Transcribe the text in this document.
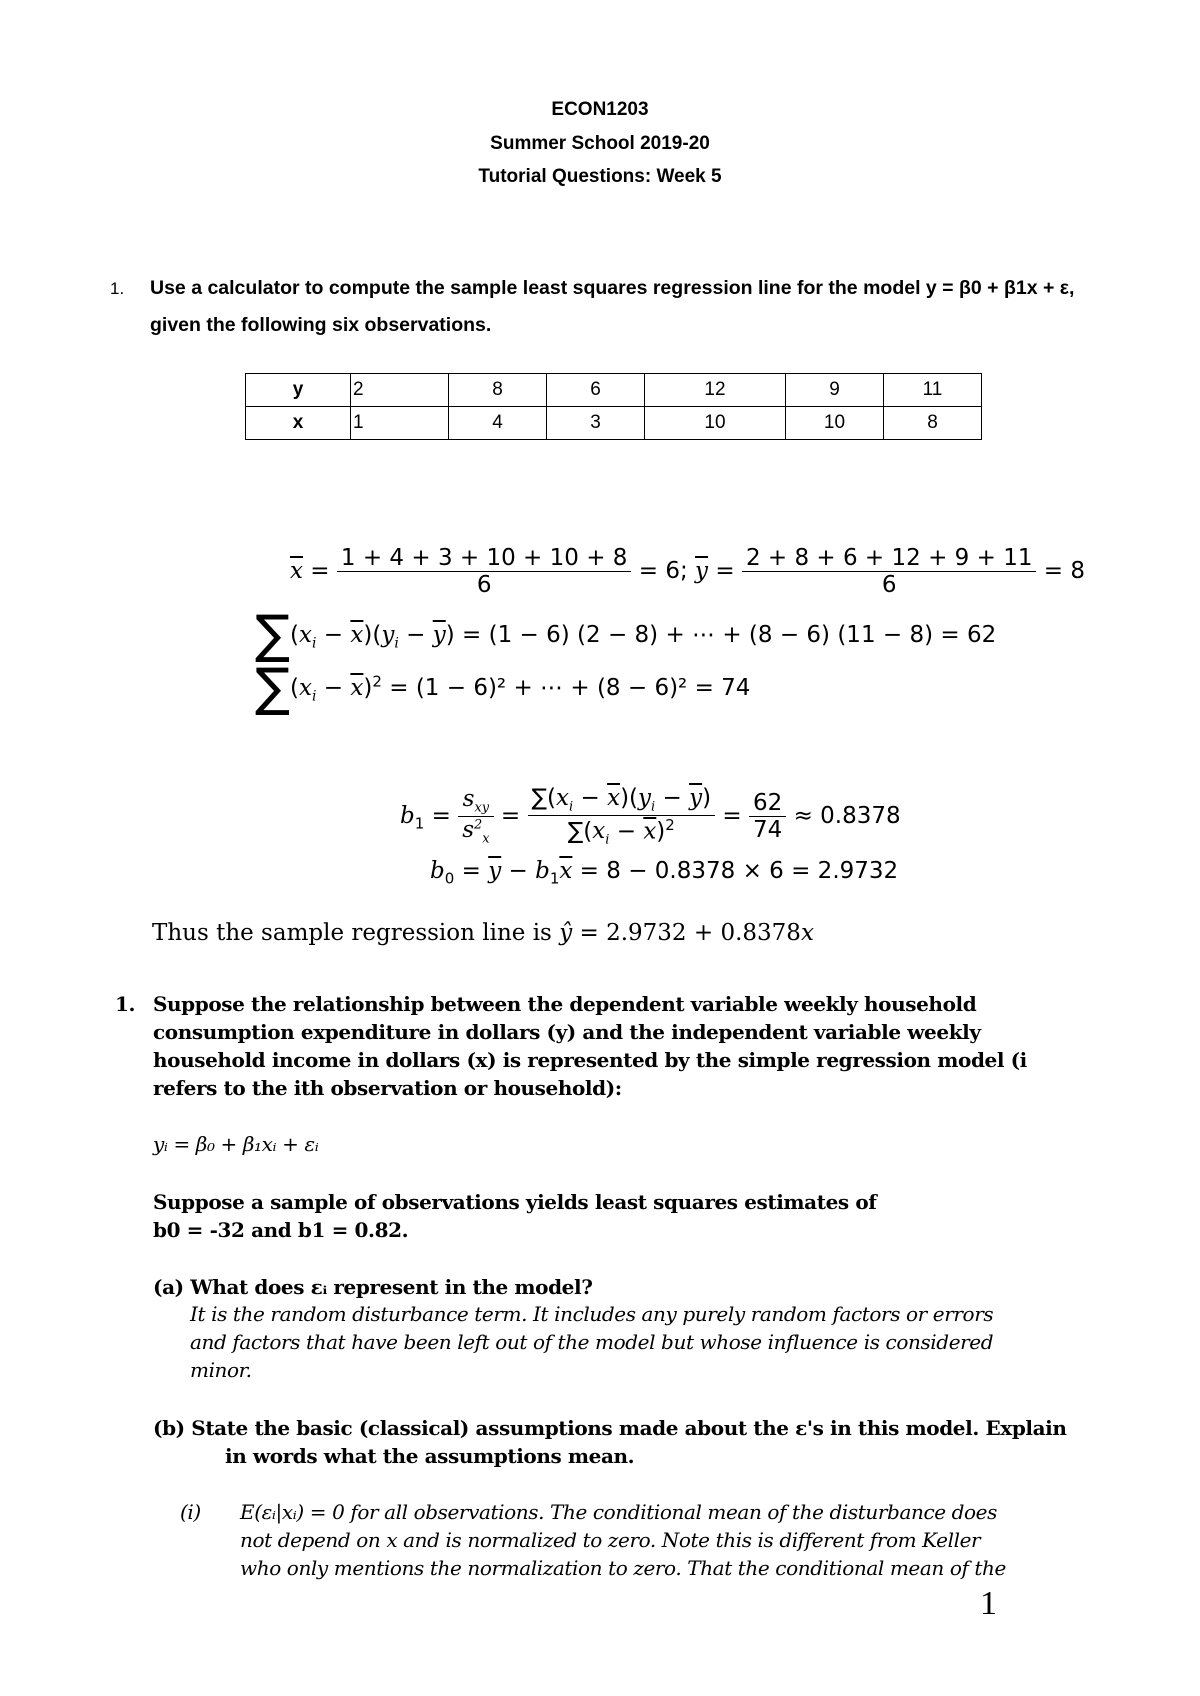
ECON1203
Summer School 2019-20
Tutorial Questions: Week 5
1. Use a calculator to compute the sample least squares regression line for the model y = β0 + β1x + ε,
given the following six observations.
y	2	8	6	12	9	11
x	1	4	3	10	10	8
$\overline{x} = \frac{1 + 4 + 3 + 10 + 10 + 8}{6} = 6$; $\overline{y} = \frac{2 + 8 + 6 + 12 + 9 + 11}{6} = 8$
$\sum(x_i - \overline{x})(y_i - \overline{y}) = (1 - 6) (2 - 8)$ + ⋯ + (8 − 6) (11 − 8) = 62
$\sum(x_i - \overline{x})^2 = (1 - 6)^2$ + ⋯ + (8 − 6)² = 74
$b_1 = \frac{s_{xy}}{s^2_x} = \frac{\sum(x_i - \overline{x})(y_i - \overline{y})}{\sum(x_i - \overline{x})^2} = \frac{62}{74} \approx 0.8378$
$b_0 = \overline{y} - b_1\overline{x} = 8 - 0.8378 \times 6 = 2.9732$
Thus the sample regression line is ŷ = 2.9732 + 0.8378x
1. Suppose the relationship between the dependent variable weekly household
consumption expenditure in dollars (y) and the independent variable weekly
household income in dollars (x) is represented by the simple regression model (i
refers to the ith observation or household):
yᵢ = β₀ + β₁xᵢ + εᵢ
Suppose a sample of observations yields least squares estimates of
b0 = -32 and b1 = 0.82.
(a) What does εᵢ represent in the model?
It is the random disturbance term. It includes any purely random factors or errors
and factors that have been left out of the model but whose influence is considered
minor.
(b) State the basic (classical) assumptions made about the ε's in this model. Explain
in words what the assumptions mean.
(i)	E(εᵢ|xᵢ) = 0 for all observations. The conditional mean of the disturbance does
not depend on x and is normalized to zero. Note this is different from Keller
who only mentions the normalization to zero. That the conditional mean of the
1
